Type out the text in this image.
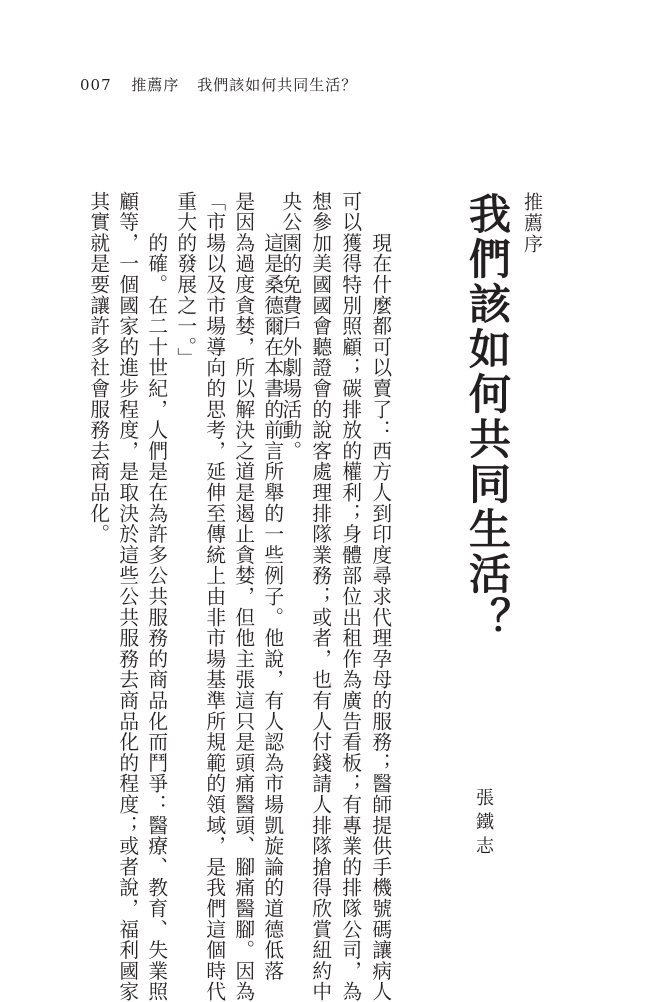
007 推薦序 我們該如何共同生活？
推薦序
我們該如何共同生活？
張鐵志
　　現在什麼都可以賣了：西方人到印度尋求代理孕母的服務；醫師提供手機號碼讓病人
可以獲得特別照顧；碳排放的權利；身體部位出租作為廣告看板；有專業的排隊公司，為
想參加美國國會聽證會的說客處理排隊業務；或者，也有人付錢請人排隊搶得欣賞紐約中
央公園的免費戶外劇場活動。
　　這是桑德爾在本書的前言所舉的一些例子。他說，有人認為市場凱旋論的道德低落
是因為過度貪婪，所以解決之道是遏止貪婪，但他主張這只是頭痛醫頭、腳痛醫腳。因為
「市場以及市場導向的思考，延伸至傳統上由非市場基準所規範的領域，是我們這個時代
重大的發展之一。」
　　的確。在二十世紀，人們是在為許多公共服務的商品化而鬥爭：醫療、教育、失業照
顧等，一個國家的進步程度，是取決於這些公共服務去商品化的程度；或者說，福利國家
其實就是要讓許多社會服務去商品化。
